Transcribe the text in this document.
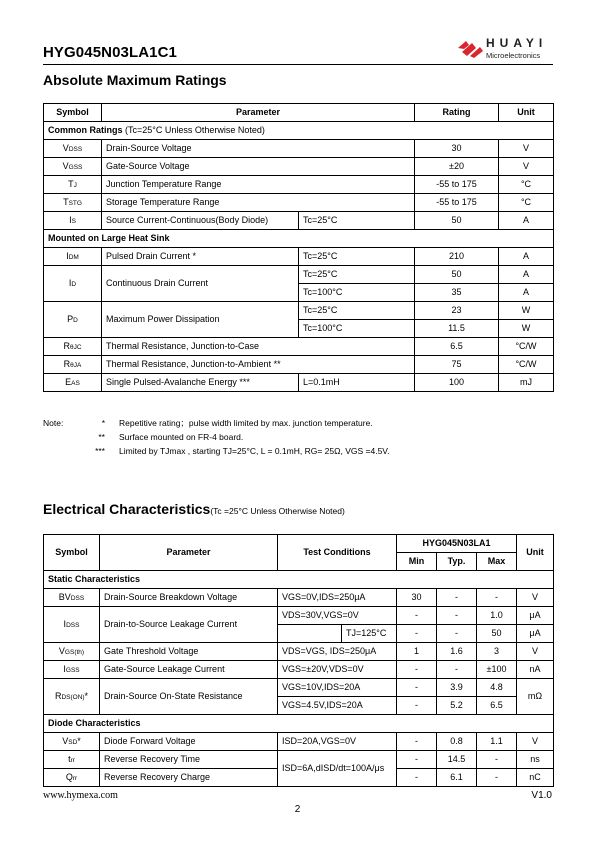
HYG045N03LA1C1
HUAYI
Microelectronics
Absolute Maximum Ratings
Symbol	Parameter		Rating	Unit
Common Ratings (Tc=25°C Unless Otherwise Noted)				
VDSS	Drain-Source Voltage		30	V
VGSS	Gate-Source Voltage		±20	V
TJ	Junction Temperature Range		-55 to 175	°C
TSTG	Storage Temperature Range		-55 to 175	°C
IS	Source Current-Continuous(Body Diode)	Tc=25°C	50	A
Mounted on Large Heat Sink				
IDM	Pulsed Drain Current *	Tc=25°C	210	A
ID	Continuous Drain Current	Tc=25°C	50	A
		Tc=100°C	35	A
PD	Maximum Power Dissipation	Tc=25°C	23	W
		Tc=100°C	11.5	W
RθJC	Thermal Resistance, Junction-to-Case		6.5	°C/W
RθJA	Thermal Resistance, Junction-to-Ambient **		75	°C/W
EAS	Single Pulsed-Avalanche Energy ***	L=0.1mH	100	mJ
Note:	* Repetitive rating；pulse width limited by max. junction temperature.
** Surface mounted on FR-4 board.
*** Limited by TJmax , starting TJ=25°C, L = 0.1mH, RG= 25Ω, VGS =4.5V.
Electrical Characteristics(Tc =25°C Unless Otherwise Noted)
Symbol	Parameter	Test Conditions		HYG045N03LA1			Unit
				Min	Typ.	Max	
Static Characteristics							
BVDSS	Drain-Source Breakdown Voltage	VGS=0V,IDS=250μA		30	-	-	V
IDSS	Drain-to-Source Leakage Current	VDS=30V,VGS=0V		-	-	1.0	μA
			TJ=125°C	-	-	50	μA
VGS(th)	Gate Threshold Voltage	VDS=VGS, IDS=250μA		1	1.6	3	V
IGSS	Gate-Source Leakage Current	VGS=±20V,VDS=0V		-	-	±100	nA
RDS(ON)*	Drain-Source On-State Resistance	VGS=10V,IDS=20A		-	3.9	4.8	mΩ
		VGS=4.5V,IDS=20A		-	5.2	6.5	
Diode Characteristics							
VSD*	Diode Forward Voltage	ISD=20A,VGS=0V		-	0.8	1.1	V
trr	Reverse Recovery Time	ISD=6A,dISD/dt=100A/μs		-	14.5	-	ns
Qrr	Reverse Recovery Charge			-	6.1	-	nC
www.hymexa.com	V1.0
2
